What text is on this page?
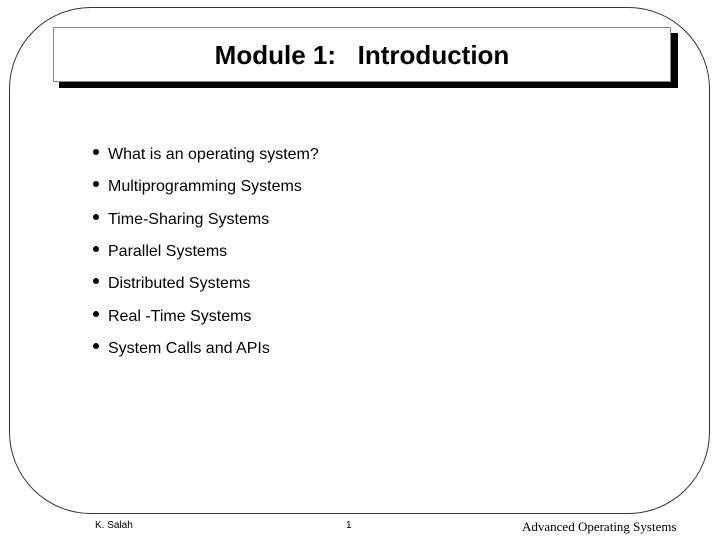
Module 1:   Introduction
What is an operating system?
Multiprogramming Systems
Time-Sharing Systems
Parallel Systems
Distributed Systems
Real -Time Systems
System Calls and APIs
K. Salah	1	Advanced Operating Systems
